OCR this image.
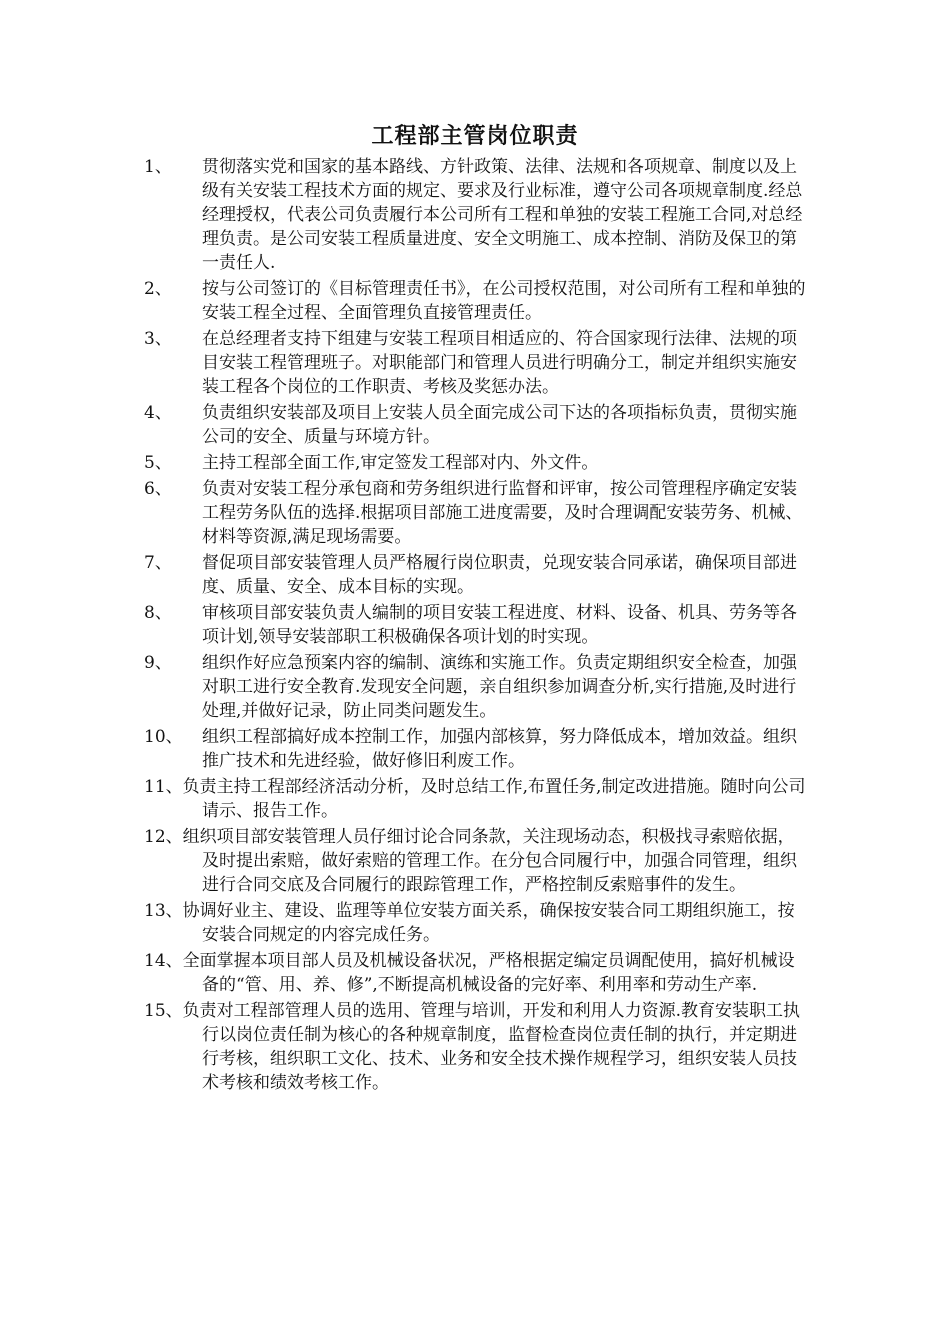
工程部主管岗位职责
1、 贯彻落实党和国家的基本路线、方针政策、法律、法规和各项规章、制度以及上级有关安装工程技术方面的规定、要求及行业标准，遵守公司各项规章制度.经总经理授权，代表公司负责履行本公司所有工程和单独的安装工程施工合同,对总经理负责。是公司安装工程质量进度、安全文明施工、成本控制、消防及保卫的第一责任人.
2、 按与公司签订的《目标管理责任书》，在公司授权范围，对公司所有工程和单独的安装工程全过程、全面管理负直接管理责任。
3、 在总经理者支持下组建与安装工程项目相适应的、符合国家现行法律、法规的项目安装工程管理班子。对职能部门和管理人员进行明确分工，制定并组织实施安装工程各个岗位的工作职责、考核及奖惩办法。
4、 负责组织安装部及项目上安装人员全面完成公司下达的各项指标负责，贯彻实施公司的安全、质量与环境方针。
5、 主持工程部全面工作,审定签发工程部对内、外文件。
6、 负责对安装工程分承包商和劳务组织进行监督和评审，按公司管理程序确定安装工程劳务队伍的选择.根据项目部施工进度需要，及时合理调配安装劳务、机械、材料等资源,满足现场需要。
7、 督促项目部安装管理人员严格履行岗位职责，兑现安装合同承诺，确保项目部进度、质量、安全、成本目标的实现。
8、 审核项目部安装负责人编制的项目安装工程进度、材料、设备、机具、劳务等各项计划,领导安装部职工积极确保各项计划的时实现。
9、 组织作好应急预案内容的编制、演练和实施工作。负责定期组织安全检查，加强对职工进行安全教育.发现安全问题，亲自组织参加调查分析,实行措施,及时进行处理,并做好记录，防止同类问题发生。
10、 组织工程部搞好成本控制工作，加强内部核算，努力降低成本，增加效益。组织推广技术和先进经验，做好修旧利废工作。
11、负责主持工程部经济活动分析，及时总结工作,布置任务,制定改进措施。随时向公司请示、报告工作。
12、组织项目部安装管理人员仔细讨论合同条款，关注现场动态，积极找寻索赔依据，及时提出索赔，做好索赔的管理工作。在分包合同履行中，加强合同管理，组织进行合同交底及合同履行的跟踪管理工作，严格控制反索赔事件的发生。
13、协调好业主、建设、监理等单位安装方面关系，确保按安装合同工期组织施工，按安装合同规定的内容完成任务。
14、全面掌握本项目部人员及机械设备状况，严格根据定编定员调配使用，搞好机械设备的“管、用、养、修”,不断提高机械设备的完好率、利用率和劳动生产率.
15、负责对工程部管理人员的选用、管理与培训，开发和利用人力资源.教育安装职工执行以岗位责任制为核心的各种规章制度，监督检查岗位责任制的执行，并定期进行考核，组织职工文化、技术、业务和安全技术操作规程学习，组织安装人员技术考核和绩效考核工作。
